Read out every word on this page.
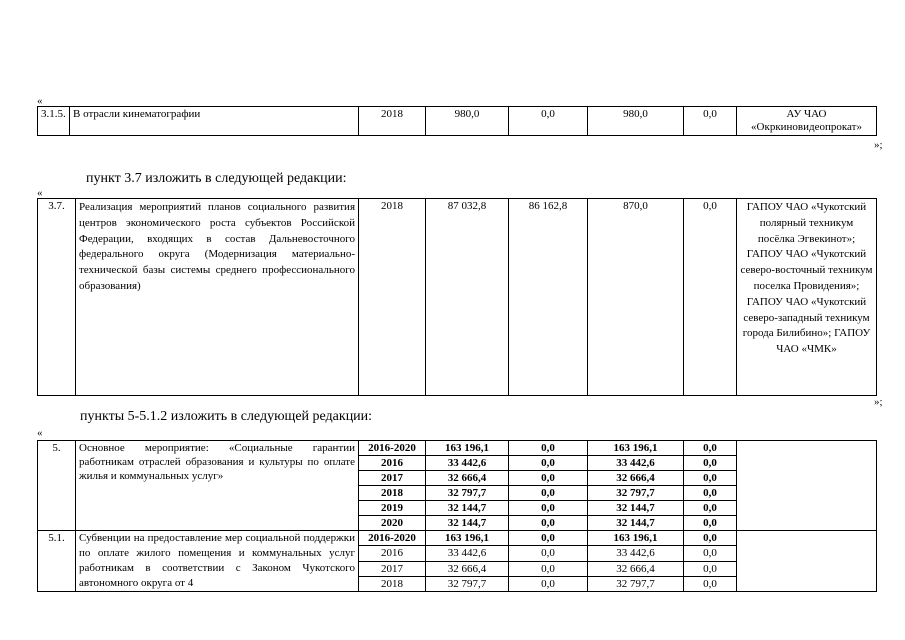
«
3.1.5.	В отрасли кинематографии	2018	980,0	0,0	980,0	0,0	АУ ЧАО «Окркиновидеопрокат»
»;
пункт 3.7 изложить в следующей редакции:
«
3.7.	Реализация мероприятий планов социального развития центров экономического роста субъектов Российской Федерации, входящих в состав Дальневосточного федерального округа (Модернизация материально-технической базы системы среднего профессионального образования)	2018	87 032,8	86 162,8	870,0	0,0	ГАПОУ ЧАО «Чукотский полярный техникум посёлка Эгвекинот»; ГАПОУ ЧАО «Чукотский северо-восточный техникум поселка Провидения»; ГАПОУ ЧАО «Чукотский северо-западный техникум города Билибино»; ГАПОУ ЧАО «ЧМК»
»;
пункты 5-5.1.2 изложить в следующей редакции:
«
5.	Основное мероприятие: «Социальные гарантии работникам отраслей образования и культуры по оплате жилья и коммунальных услуг»	2016-2020	163 196,1	0,0	163 196,1	0,0	
		2016	33 442,6	0,0	33 442,6	0,0	
		2017	32 666,4	0,0	32 666,4	0,0	
		2018	32 797,7	0,0	32 797,7	0,0	
		2019	32 144,7	0,0	32 144,7	0,0	
		2020	32 144,7	0,0	32 144,7	0,0	
5.1.	Субвенции на предоставление мер социальной поддержки по оплате жилого помещения и коммунальных услуг работникам в соответствии с Законом Чукотского автономного округа от 4	2016-2020	163 196,1	0,0	163 196,1	0,0	
		2016	33 442,6	0,0	33 442,6	0,0	
		2017	32 666,4	0,0	32 666,4	0,0	
		2018	32 797,7	0,0	32 797,7	0,0	
